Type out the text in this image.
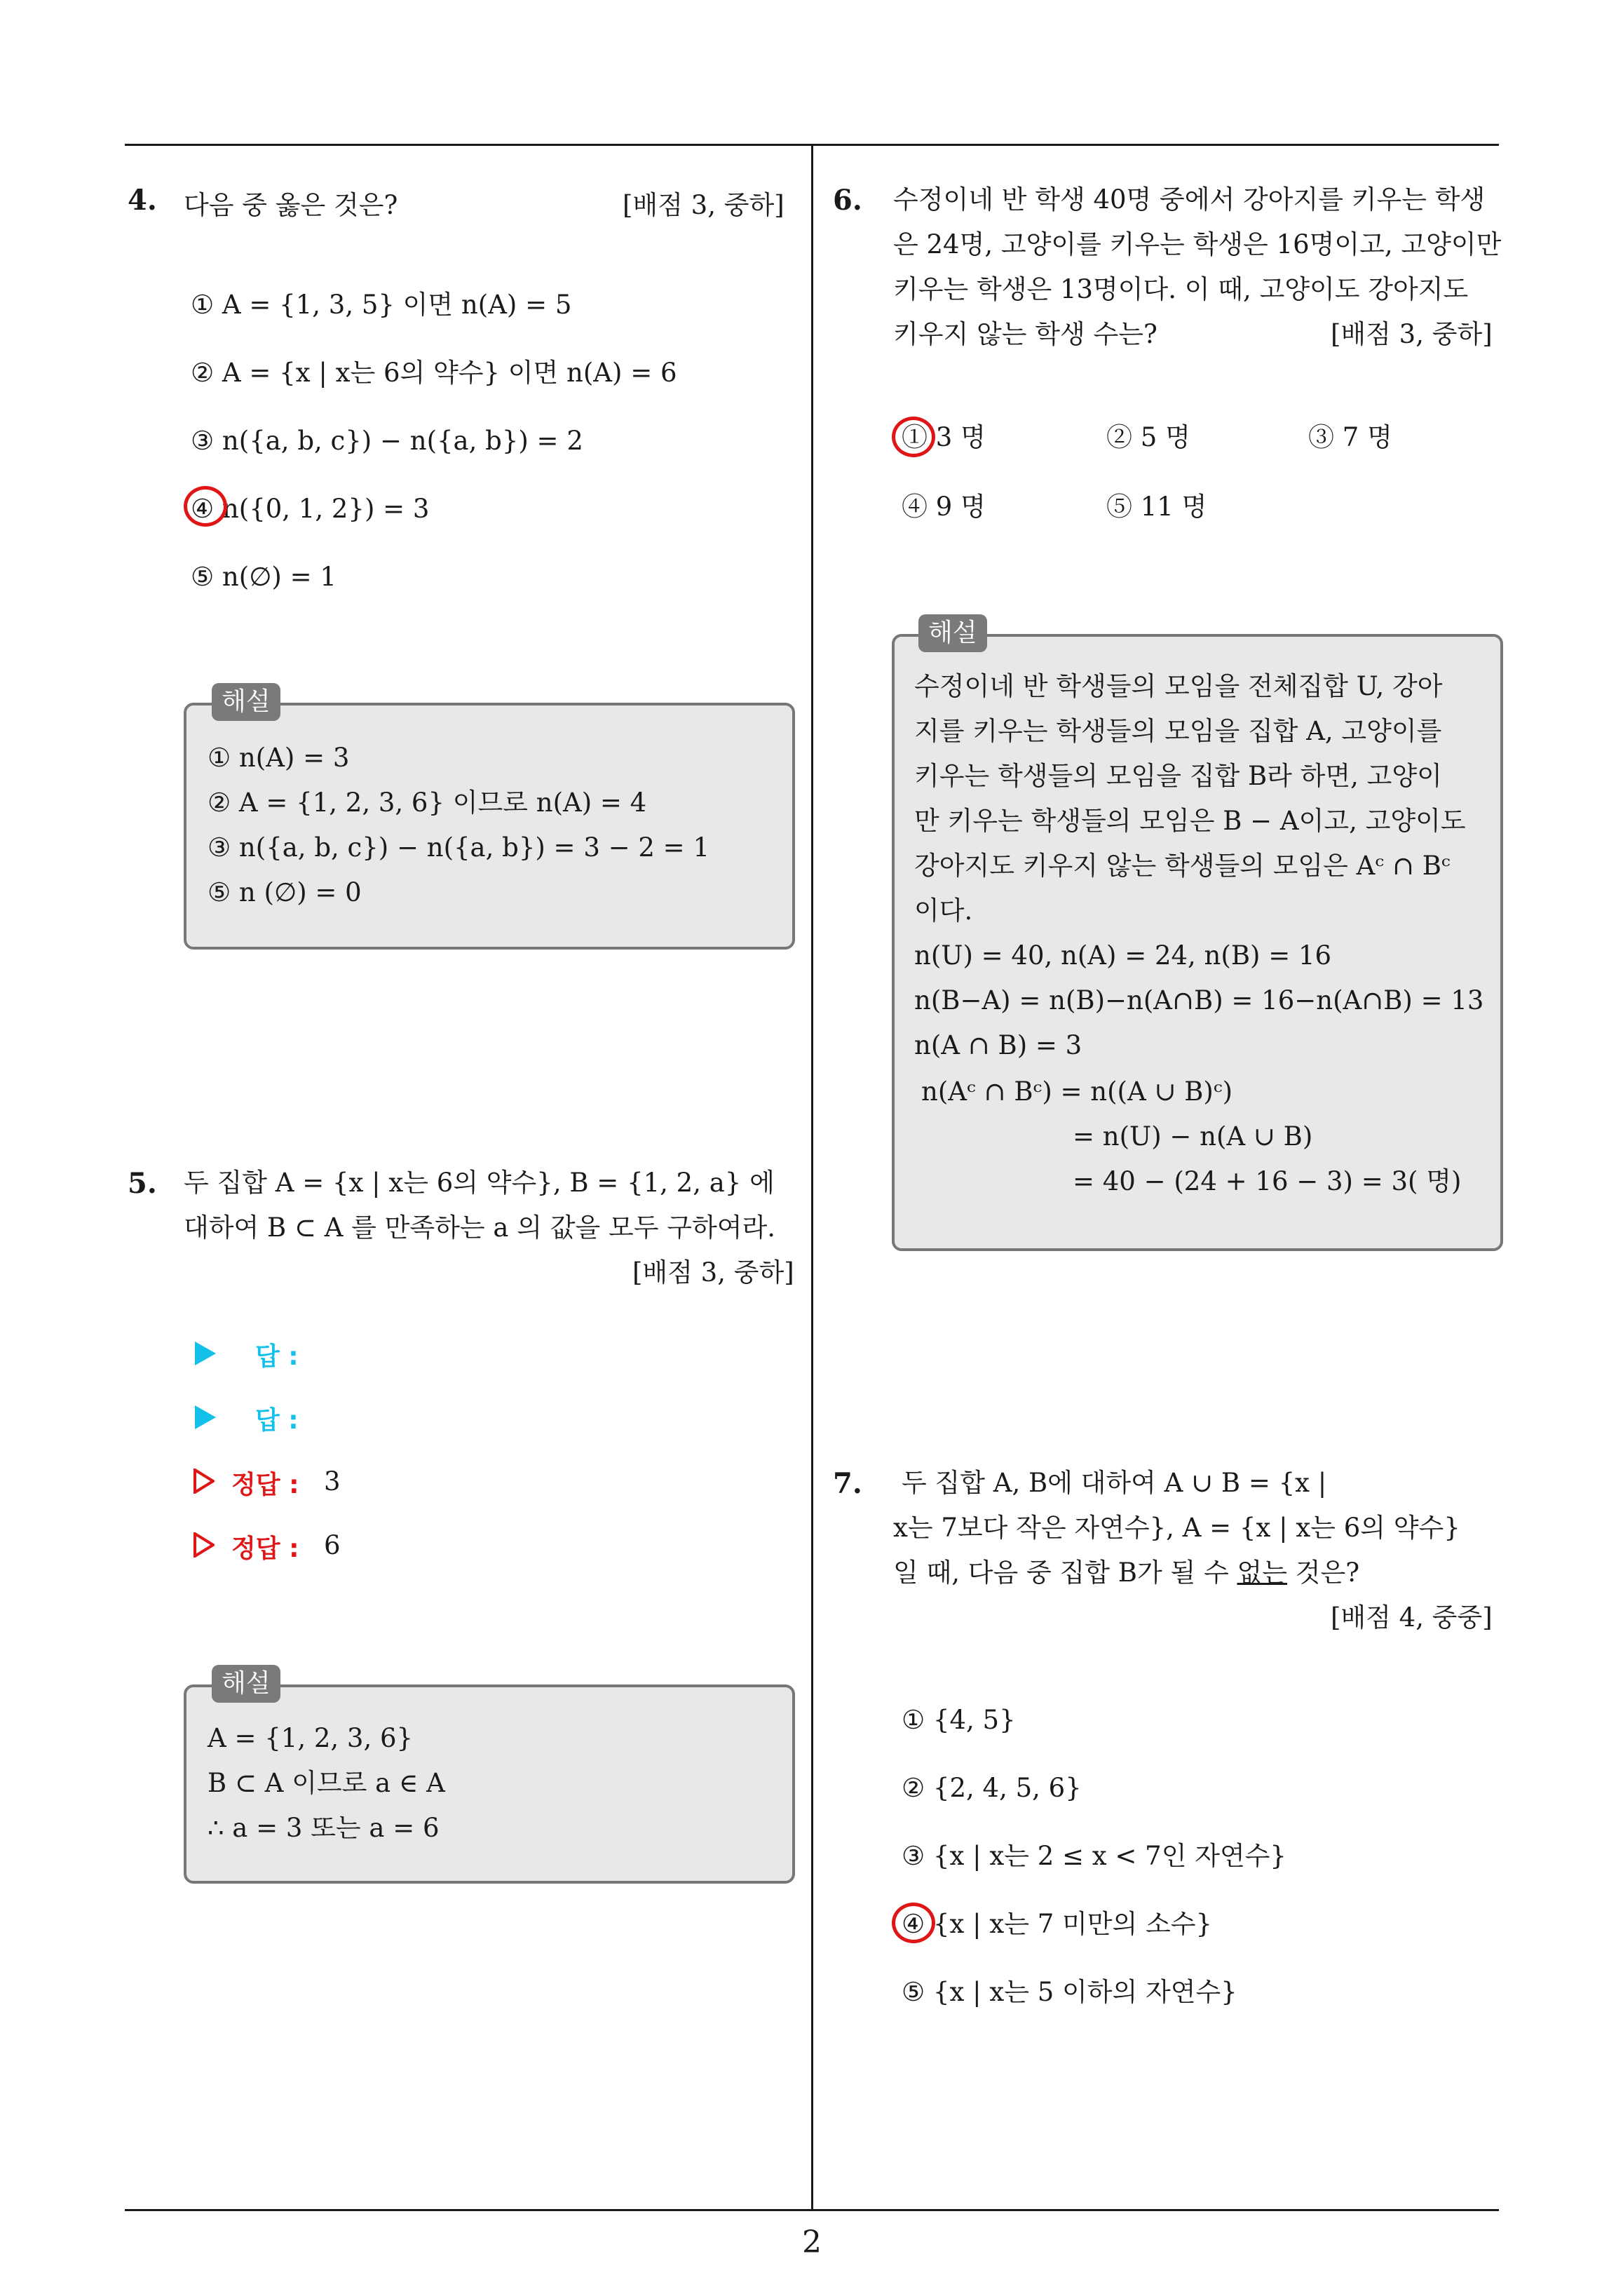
4. 다음 중 옳은 것은?	[배점 3, 중하]
① A = {1, 3, 5} 이면 n(A) = 5
② A = {x | x는 6의 약수} 이면 n(A) = 6
③ n({a, b, c}) − n({a, b}) = 2
④ n({0, 1, 2}) = 3
⑤ n(∅) = 1
해설
① n(A) = 3
② A = {1, 2, 3, 6} 이므로 n(A) = 4
③ n({a, b, c}) − n({a, b}) = 3 − 2 = 1
⑤ n (∅) = 0
5. 두 집합 A = {x | x는 6의 약수}, B = {1, 2, a} 에
대하여 B ⊂ A 를 만족하는 a 의 값을 모두 구하여라.
[배점 3, 중하]
답 :
답 :
정답 : 3
정답 : 6
해설
A = {1, 2, 3, 6}
B ⊂ A 이므로 a ∈ A
∴ a = 3 또는 a = 6
6. 수정이네 반 학생 40명 중에서 강아지를 키우는 학생
은 24명, 고양이를 키우는 학생은 16명이고, 고양이만
키우는 학생은 13명이다. 이 때, 고양이도 강아지도
키우지 않는 학생 수는?	[배점 3, 중하]
① 3 명	② 5 명	③ 7 명
④ 9 명	⑤ 11 명
해설
수정이네 반 학생들의 모임을 전체집합 U, 강아
지를 키우는 학생들의 모임을 집합 A, 고양이를
키우는 학생들의 모임을 집합 B라 하면, 고양이
만 키우는 학생들의 모임은 B − A이고, 고양이도
강아지도 키우지 않는 학생들의 모임은 Aᶜ ∩ Bᶜ
이다.
n(U) = 40, n(A) = 24, n(B) = 16
n(B−A) = n(B)−n(A∩B) = 16−n(A∩B) = 13
n(A ∩ B) = 3
n(Aᶜ ∩ Bᶜ) = n((A ∪ B)ᶜ)
= n(U) − n(A ∪ B)
= 40 − (24 + 16 − 3) = 3( 명)
7. 두 집합 A, B에 대하여 A ∪ B = {x |
x는 7보다 작은 자연수}, A = {x | x는 6의 약수}
일 때, 다음 중 집합 B가 될 수 없는 것은?
[배점 4, 중중]
① {4, 5}
② {2, 4, 5, 6}
③ {x | x는 2 ≤ x < 7인 자연수}
④ {x | x는 7 미만의 소수}
⑤ {x | x는 5 이하의 자연수}
2
